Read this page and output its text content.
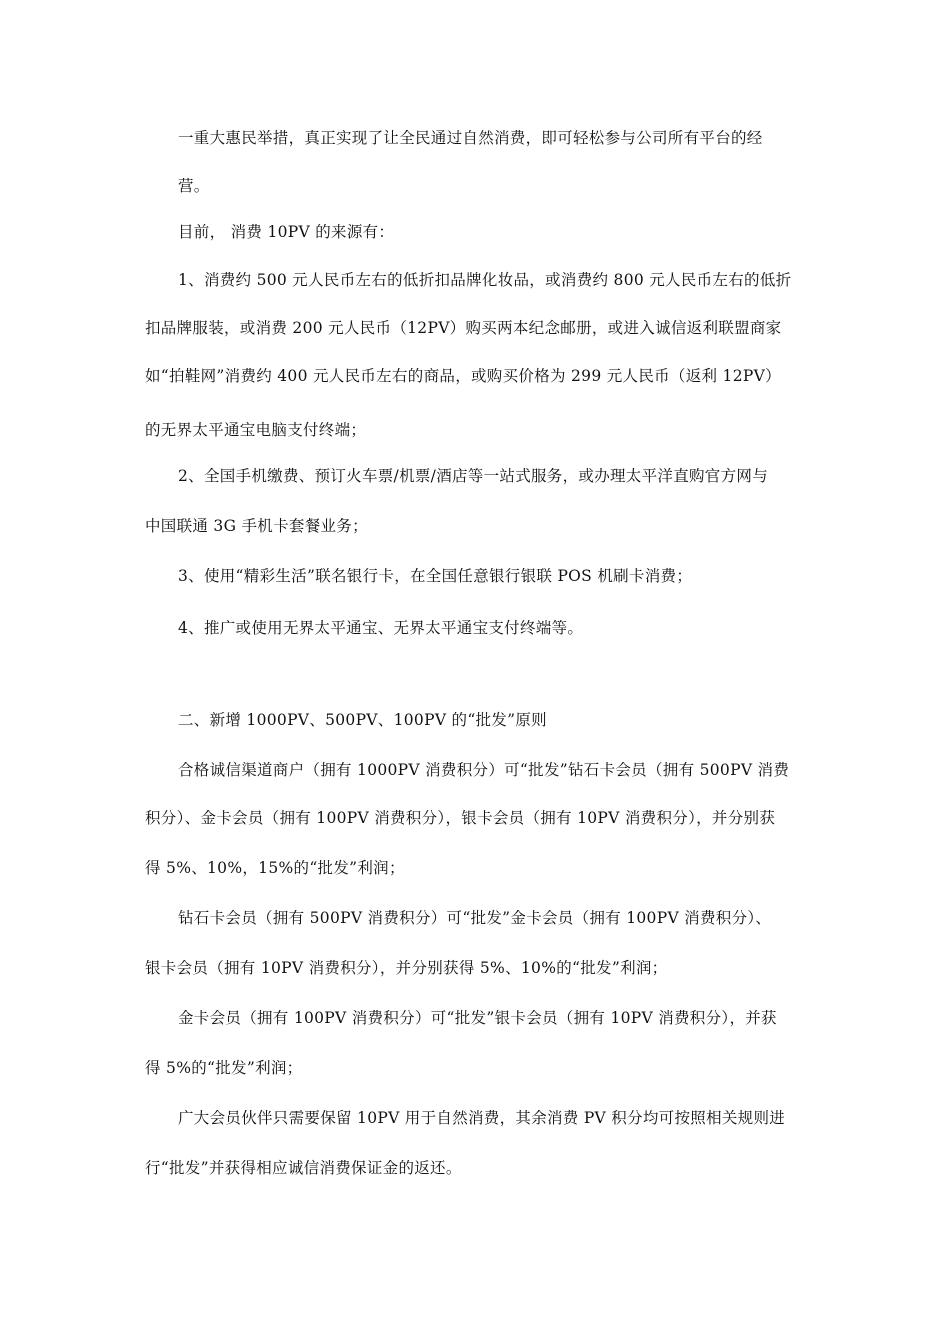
一重大惠民举措，真正实现了让全民通过自然消费，即可轻松参与公司所有平台的经
营。
目前， 消费 10PV 的来源有：
1、消费约 500 元人民币左右的低折扣品牌化妆品，或消费约 800 元人民币左右的低折
扣品牌服装，或消费 200 元人民币（12PV）购买两本纪念邮册，或进入诚信返利联盟商家
如“拍鞋网”消费约 400 元人民币左右的商品，或购买价格为 299 元人民币（返利 12PV）
的无界太平通宝电脑支付终端；
2、全国手机缴费、预订火车票/机票/酒店等一站式服务，或办理太平洋直购官方网与
中国联通 3G 手机卡套餐业务；
3、使用“精彩生活”联名银行卡，在全国任意银行银联 POS 机刷卡消费；
4、推广或使用无界太平通宝、无界太平通宝支付终端等。
二、新增 1000PV、500PV、100PV 的“批发”原则
合格诚信渠道商户（拥有 1000PV 消费积分）可“批发”钻石卡会员（拥有 500PV 消费
积分）、金卡会员（拥有 100PV 消费积分），银卡会员（拥有 10PV 消费积分），并分别获
得 5%、10%，15%的“批发”利润；
钻石卡会员（拥有 500PV 消费积分）可“批发”金卡会员（拥有 100PV 消费积分）、
银卡会员（拥有 10PV 消费积分），并分别获得 5%、10%的“批发”利润；
金卡会员（拥有 100PV 消费积分）可“批发”银卡会员（拥有 10PV 消费积分），并获
得 5%的“批发”利润；
广大会员伙伴只需要保留 10PV 用于自然消费，其余消费 PV 积分均可按照相关规则进
行“批发”并获得相应诚信消费保证金的返还。
